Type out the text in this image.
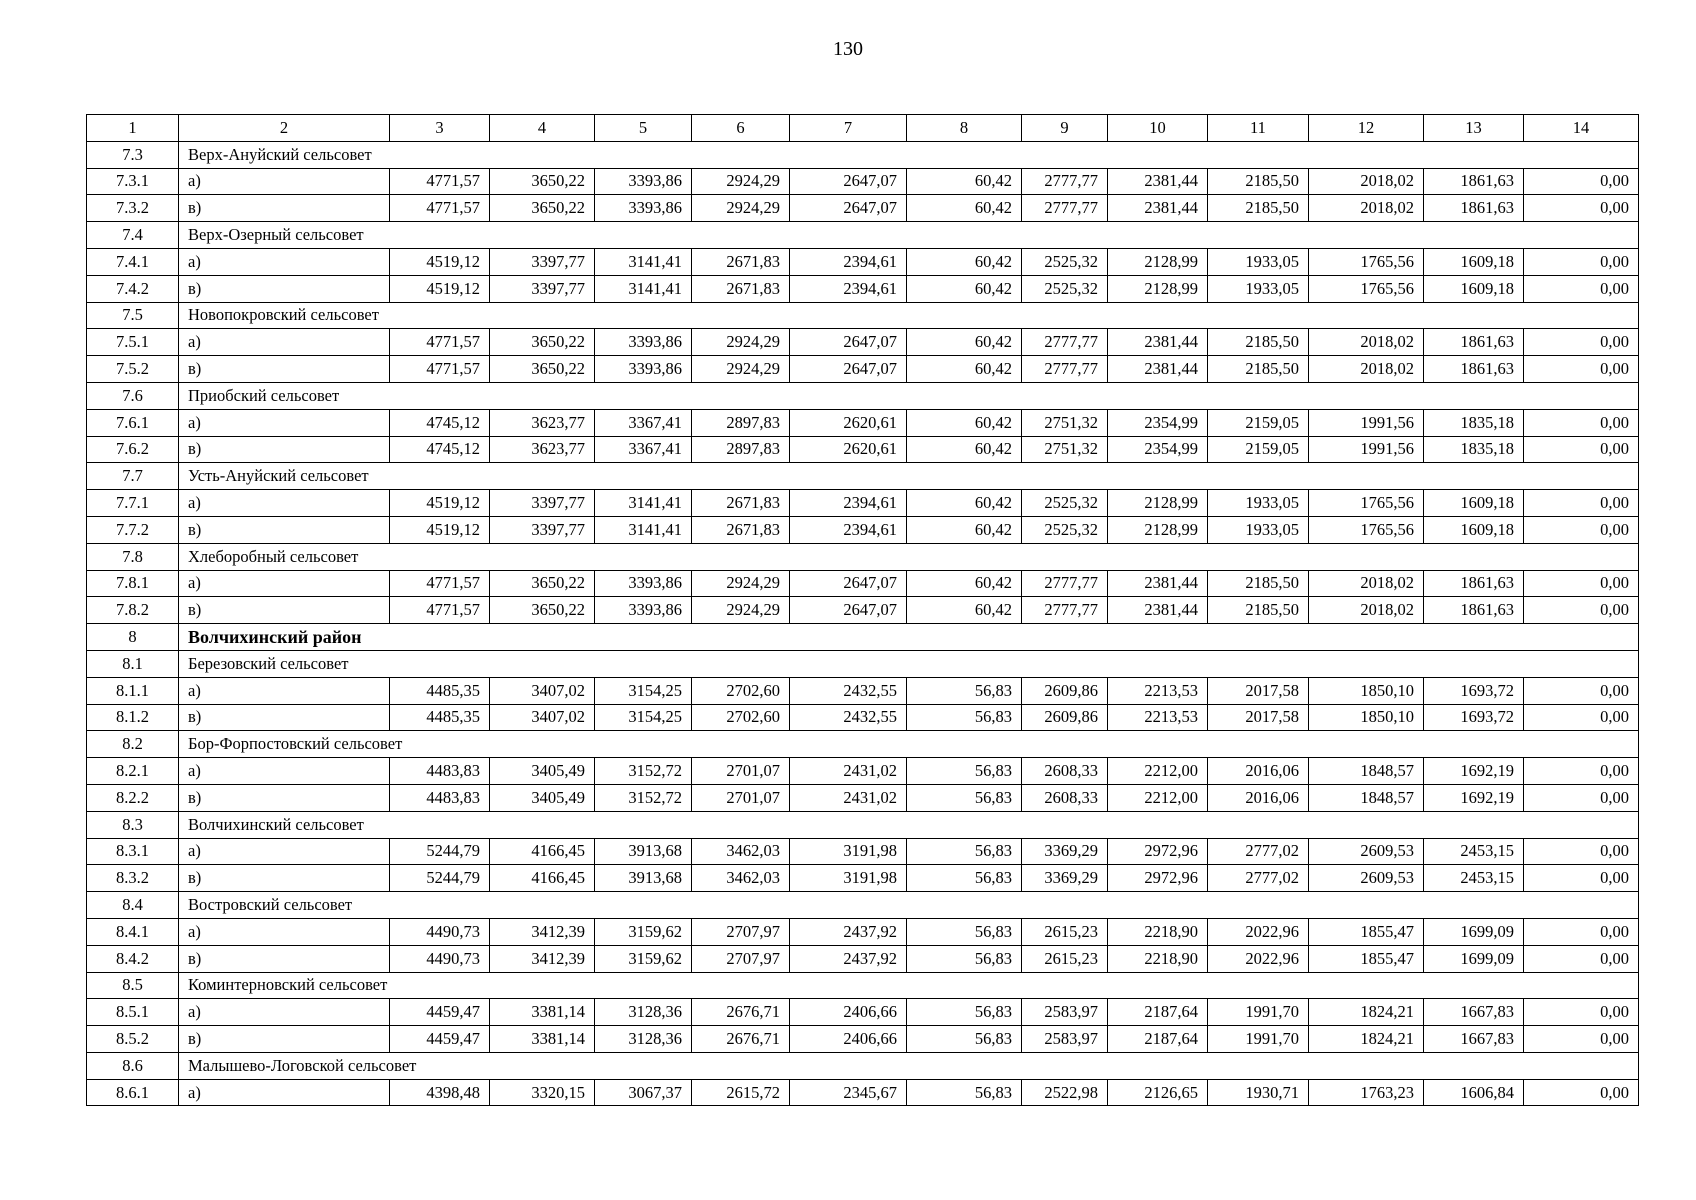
130
1	2	3	4	5	6	7	8	9	10	11	12	13	14
7.3	Верх-Ануйский сельсовет												
7.3.1	а)	4771,57	3650,22	3393,86	2924,29	2647,07	60,42	2777,77	2381,44	2185,50	2018,02	1861,63	0,00
7.3.2	в)	4771,57	3650,22	3393,86	2924,29	2647,07	60,42	2777,77	2381,44	2185,50	2018,02	1861,63	0,00
7.4	Верх-Озерный сельсовет												
7.4.1	а)	4519,12	3397,77	3141,41	2671,83	2394,61	60,42	2525,32	2128,99	1933,05	1765,56	1609,18	0,00
7.4.2	в)	4519,12	3397,77	3141,41	2671,83	2394,61	60,42	2525,32	2128,99	1933,05	1765,56	1609,18	0,00
7.5	Новопокровский сельсовет												
7.5.1	а)	4771,57	3650,22	3393,86	2924,29	2647,07	60,42	2777,77	2381,44	2185,50	2018,02	1861,63	0,00
7.5.2	в)	4771,57	3650,22	3393,86	2924,29	2647,07	60,42	2777,77	2381,44	2185,50	2018,02	1861,63	0,00
7.6	Приобский сельсовет												
7.6.1	а)	4745,12	3623,77	3367,41	2897,83	2620,61	60,42	2751,32	2354,99	2159,05	1991,56	1835,18	0,00
7.6.2	в)	4745,12	3623,77	3367,41	2897,83	2620,61	60,42	2751,32	2354,99	2159,05	1991,56	1835,18	0,00
7.7	Усть-Ануйский сельсовет												
7.7.1	а)	4519,12	3397,77	3141,41	2671,83	2394,61	60,42	2525,32	2128,99	1933,05	1765,56	1609,18	0,00
7.7.2	в)	4519,12	3397,77	3141,41	2671,83	2394,61	60,42	2525,32	2128,99	1933,05	1765,56	1609,18	0,00
7.8	Хлеборобный сельсовет												
7.8.1	а)	4771,57	3650,22	3393,86	2924,29	2647,07	60,42	2777,77	2381,44	2185,50	2018,02	1861,63	0,00
7.8.2	в)	4771,57	3650,22	3393,86	2924,29	2647,07	60,42	2777,77	2381,44	2185,50	2018,02	1861,63	0,00
8	Волчихинский район												
8.1	Березовский сельсовет												
8.1.1	а)	4485,35	3407,02	3154,25	2702,60	2432,55	56,83	2609,86	2213,53	2017,58	1850,10	1693,72	0,00
8.1.2	в)	4485,35	3407,02	3154,25	2702,60	2432,55	56,83	2609,86	2213,53	2017,58	1850,10	1693,72	0,00
8.2	Бор-Форпостовский сельсовет												
8.2.1	а)	4483,83	3405,49	3152,72	2701,07	2431,02	56,83	2608,33	2212,00	2016,06	1848,57	1692,19	0,00
8.2.2	в)	4483,83	3405,49	3152,72	2701,07	2431,02	56,83	2608,33	2212,00	2016,06	1848,57	1692,19	0,00
8.3	Волчихинский сельсовет												
8.3.1	а)	5244,79	4166,45	3913,68	3462,03	3191,98	56,83	3369,29	2972,96	2777,02	2609,53	2453,15	0,00
8.3.2	в)	5244,79	4166,45	3913,68	3462,03	3191,98	56,83	3369,29	2972,96	2777,02	2609,53	2453,15	0,00
8.4	Востровский сельсовет												
8.4.1	а)	4490,73	3412,39	3159,62	2707,97	2437,92	56,83	2615,23	2218,90	2022,96	1855,47	1699,09	0,00
8.4.2	в)	4490,73	3412,39	3159,62	2707,97	2437,92	56,83	2615,23	2218,90	2022,96	1855,47	1699,09	0,00
8.5	Коминтерновский сельсовет												
8.5.1	а)	4459,47	3381,14	3128,36	2676,71	2406,66	56,83	2583,97	2187,64	1991,70	1824,21	1667,83	0,00
8.5.2	в)	4459,47	3381,14	3128,36	2676,71	2406,66	56,83	2583,97	2187,64	1991,70	1824,21	1667,83	0,00
8.6	Малышево-Логовской сельсовет												
8.6.1	а)	4398,48	3320,15	3067,37	2615,72	2345,67	56,83	2522,98	2126,65	1930,71	1763,23	1606,84	0,00
